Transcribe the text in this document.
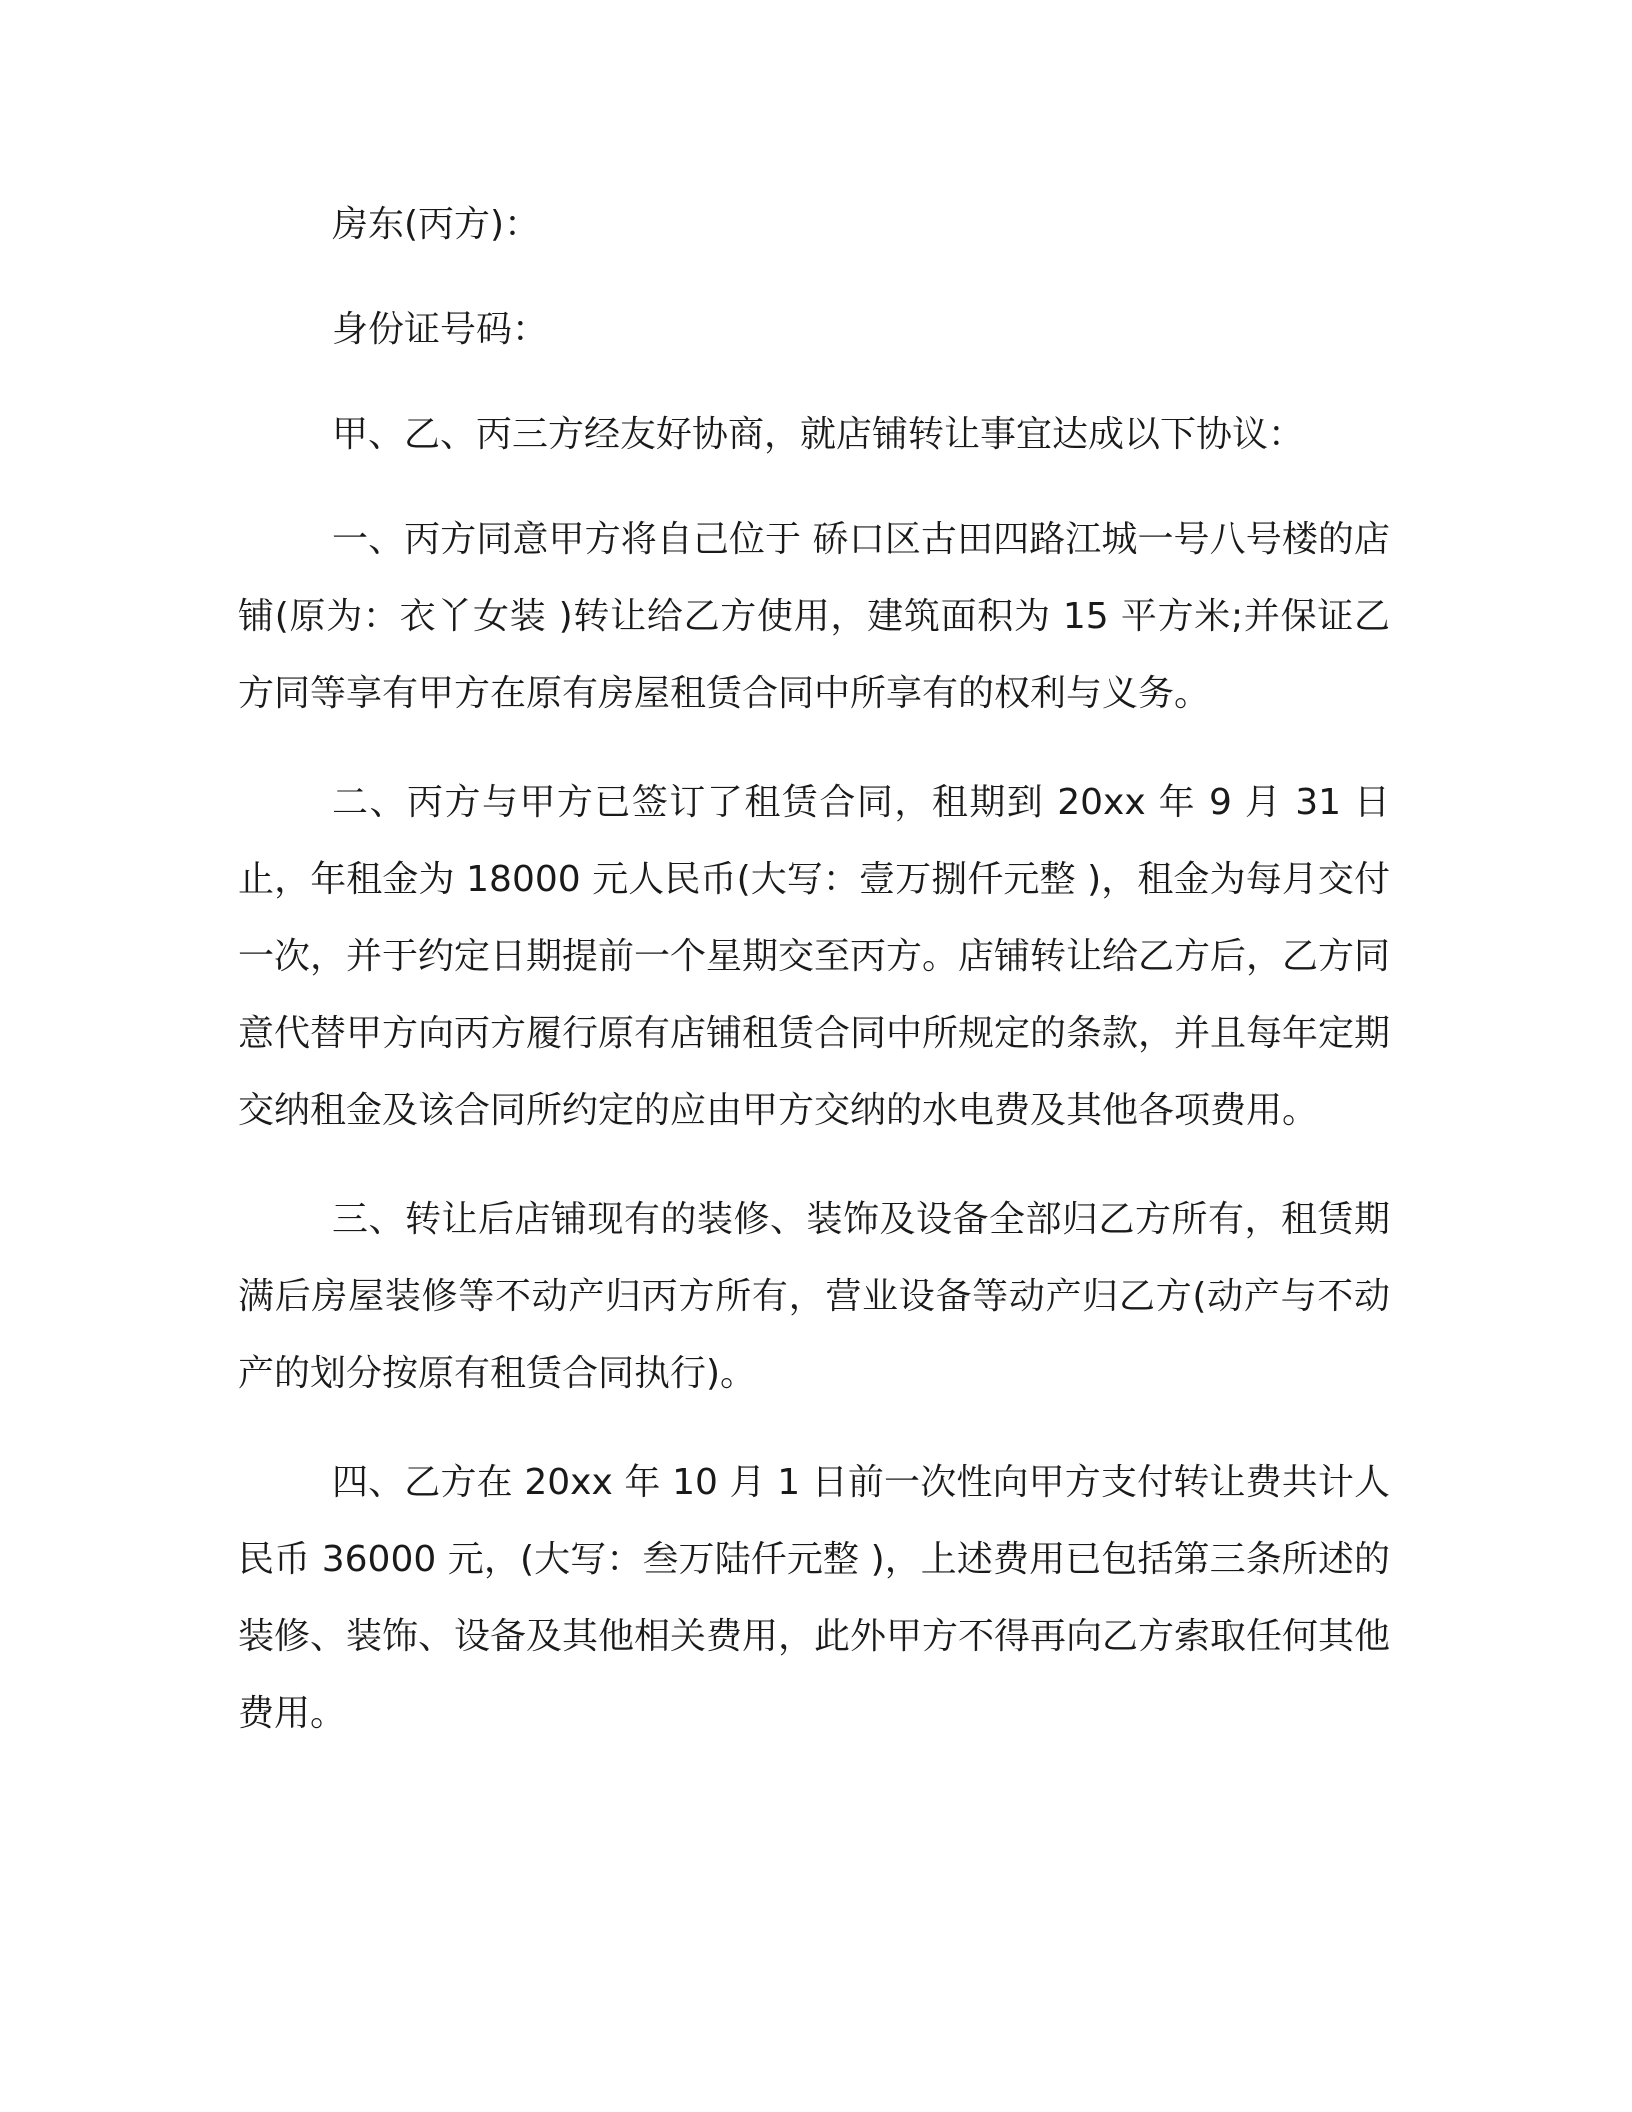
房东(丙方)：

身份证号码：

甲、乙、丙三方经友好协商，就店铺转让事宜达成以下协议：

一、丙方同意甲方将自己位于 硚口区古田四路江城一号八号楼的店铺(原为：衣丫女装 )转让给乙方使用，建筑面积为 15 平方米;并保证乙方同等享有甲方在原有房屋租赁合同中所享有的权利与义务。

二、丙方与甲方已签订了租赁合同，租期到 20xx 年 9 月 31 日止，年租金为 18000 元人民币(大写：壹万捌仟元整 )，租金为每月交付一次，并于约定日期提前一个星期交至丙方。店铺转让给乙方后，乙方同意代替甲方向丙方履行原有店铺租赁合同中所规定的条款，并且每年定期交纳租金及该合同所约定的应由甲方交纳的水电费及其他各项费用。

三、转让后店铺现有的装修、装饰及设备全部归乙方所有，租赁期满后房屋装修等不动产归丙方所有，营业设备等动产归乙方(动产与不动产的划分按原有租赁合同执行)。

四、乙方在 20xx 年 10 月 1 日前一次性向甲方支付转让费共计人民币 36000 元，(大写：叁万陆仟元整 )，上述费用已包括第三条所述的装修、装饰、设备及其他相关费用，此外甲方不得再向乙方索取任何其他费用。
